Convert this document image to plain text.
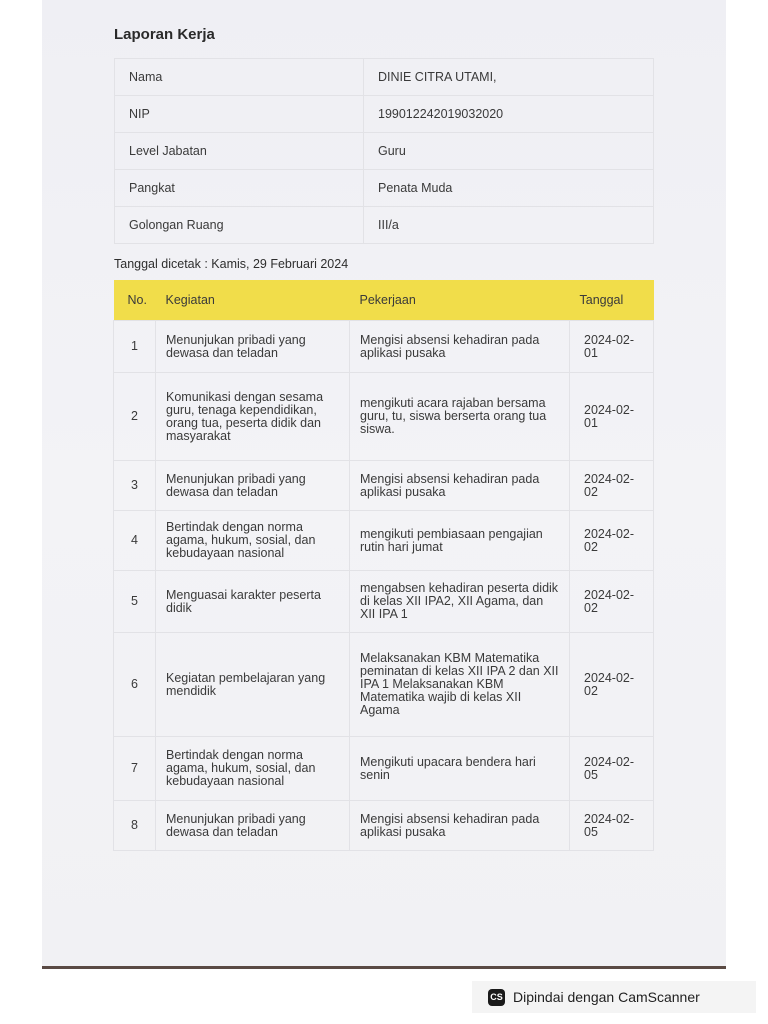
Laporan Kerja
Nama	DINIE CITRA UTAMI,
NIP	199012242019032020
Level Jabatan	Guru
Pangkat	Penata Muda
Golongan Ruang	III/a
Tanggal dicetak : Kamis, 29 Februari 2024
No.	Kegiatan	Pekerjaan	Tanggal
1	Menunjukan pribadi yang dewasa dan teladan	Mengisi absensi kehadiran pada aplikasi pusaka	2024-02-01
2	Komunikasi dengan sesama guru, tenaga kependidikan, orang tua, peserta didik dan masyarakat	mengikuti acara rajaban bersama guru, tu, siswa berserta orang tua siswa.	2024-02-01
3	Menunjukan pribadi yang dewasa dan teladan	Mengisi absensi kehadiran pada aplikasi pusaka	2024-02-02
4	Bertindak dengan norma agama, hukum, sosial, dan kebudayaan nasional	mengikuti pembiasaan pengajian rutin hari jumat	2024-02-02
5	Menguasai karakter peserta didik	mengabsen kehadiran peserta didik di kelas XII IPA2, XII Agama, dan XII IPA 1	2024-02-02
6	Kegiatan pembelajaran yang mendidik	Melaksanakan KBM Matematika peminatan di kelas XII IPA 2 dan XII IPA 1 Melaksanakan KBM Matematika wajib di kelas XII Agama	2024-02-02
7	Bertindak dengan norma agama, hukum, sosial, dan kebudayaan nasional	Mengikuti upacara bendera hari senin	2024-02-05
8	Menunjukan pribadi yang dewasa dan teladan	Mengisi absensi kehadiran pada aplikasi pusaka	2024-02-05
CS Dipindai dengan CamScanner
